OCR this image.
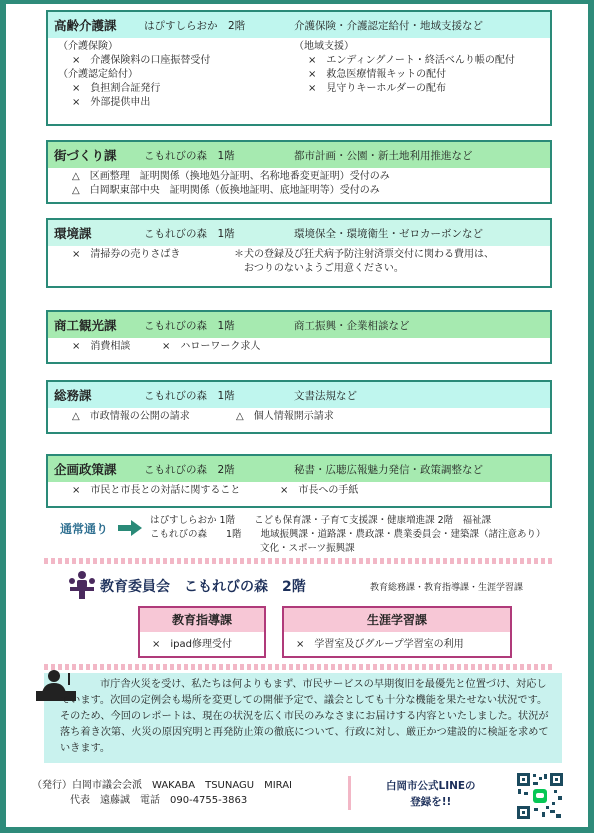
高齢介護課	はぴすしらおか　2階	介護保険・介護認定給付・地域支援など
（介護保険）
×　介護保険料の口座振替受付
（介護認定給付）
×　負担割合証発行
×　外部提供申出
（地域支援）
×　エンディングノート・終活べんり帳の配付
×　救急医療情報キットの配付
×　見守りキーホルダーの配布
街づくり課	こもれびの森　1階	都市計画・公園・新土地利用推進など
△　区画整理　証明関係（換地処分証明、名称地番変更証明）受付のみ
△　白岡駅東部中央　証明関係（仮換地証明、底地証明等）受付のみ
環境課	こもれびの森　1階	環境保全・環境衛生・ゼロカーボンなど
×　清掃券の売りさばき	＊犬の登録及び狂犬病予防注射済票交付に関わる費用は、
おつりのないようご用意ください。
商工観光課	こもれびの森　1階	商工振興・企業相談など
×　消費相談	×　ハローワーク求人
総務課	こもれびの森　1階	文書法規など
△　市政情報の公開の請求	△　個人情報開示請求
企画政策課	こもれびの森　2階	秘書・広聴広報魅力発信・政策調整など
×　市民と市長との対話に関すること	×　市長への手紙
通常通り
はぴすしらおか 1階　　こども保育課・子育て支援課・健康増進課 2階　福祉課
こもれびの森　　1階　　地域振興課・道路課・農政課・農業委員会・建築課（諸注意あり）
文化・スポーツ振興課
教育委員会　こもれびの森　2階	教育総務課・教育指導課・生涯学習課
教育指導課
×　ipad修理受付
生涯学習課
×　学習室及びグループ学習室の利用
市庁舎火災を受け、私たちは何よりもまず、市民サービスの早期復旧を最優先と位置づけ、対応しています。次回の定例会も場所を変更しての開催予定で、議会としても十分な機能を果たせない状況です。そのため、今回のレポートは、現在の状況を広く市民のみなさまにお届けする内容といたしました。状況が落ち着き次第、火災の原因究明と再発防止策の徹底について、行政に対し、厳正かつ建設的に検証を求めていきます。
（発行）白岡市議会会派　WAKABA　TSUNAGU　MIRAI
代表　遠藤誠　電話　090-4755-3863
白岡市公式LINEの
登録を!!
